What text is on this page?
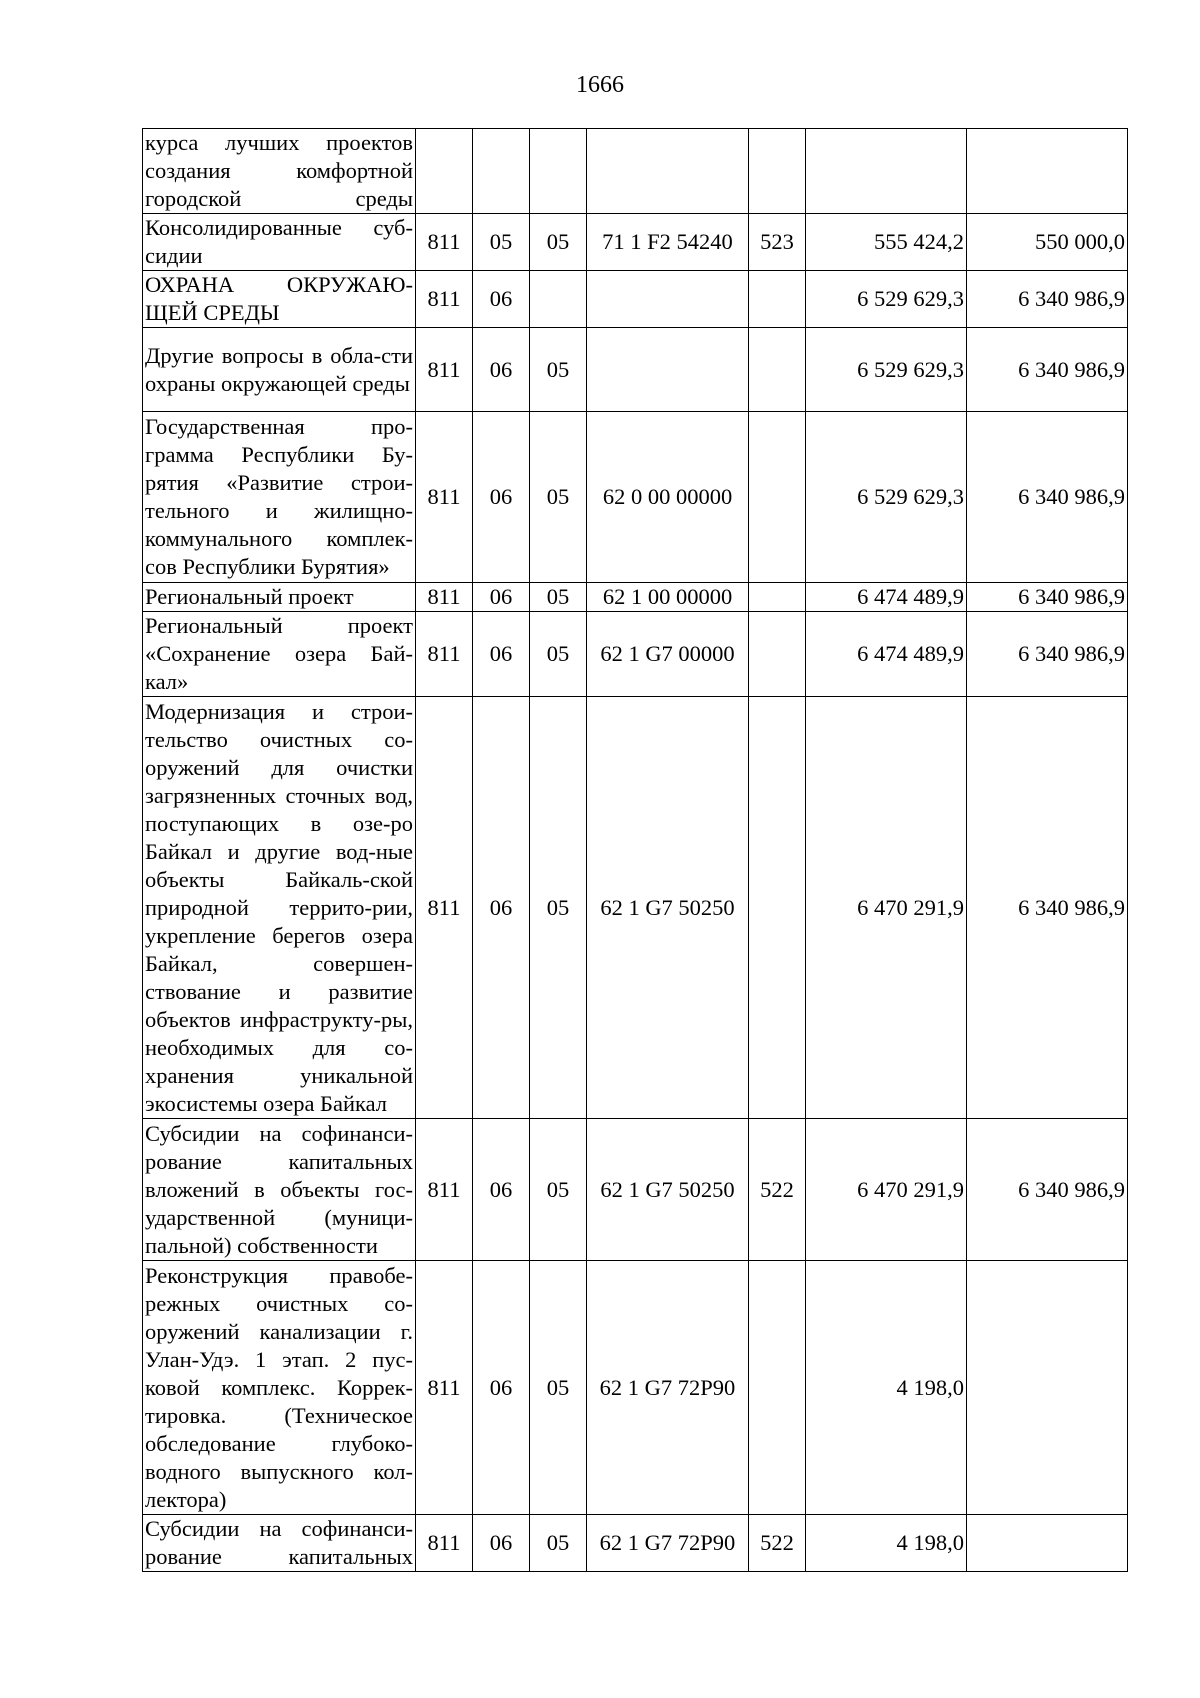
1666
курса лучших проектов создания комфортной городской среды							
Консолидированные суб-сидии	811	05	05	71 1 F2 54240	523	555 424,2	550 000,0
ОХРАНА ОКРУЖАЮ-ЩЕЙ СРЕДЫ	811	06				6 529 629,3	6 340 986,9
Другие вопросы в обла-сти охраны окружающей среды	811	06	05			6 529 629,3	6 340 986,9
Государственная про-грамма Республики Бу-рятия «Развитие строи-тельного и жилищно-коммунального комплек-сов Республики Бурятия»	811	06	05	62 0 00 00000		6 529 629,3	6 340 986,9
Региональный проект	811	06	05	62 1 00 00000		6 474 489,9	6 340 986,9
Региональный проект «Сохранение озера Бай-кал»	811	06	05	62 1 G7 00000		6 474 489,9	6 340 986,9
Модернизация и строи-тельство очистных со-оружений для очистки загрязненных сточных вод, поступающих в озе-ро Байкал и другие вод-ные объекты Байкаль-ской природной террито-рии, укрепление берегов озера Байкал, совершен-ствование и развитие объектов инфраструкту-ры, необходимых для со-хранения уникальной экосистемы озера Байкал	811	06	05	62 1 G7 50250		6 470 291,9	6 340 986,9
Субсидии на софинанси-рование капитальных вложений в объекты гос-ударственной (муници-пальной) собственности	811	06	05	62 1 G7 50250	522	6 470 291,9	6 340 986,9
Реконструкция правобе-режных очистных со-оружений канализации г. Улан-Удэ. 1 этап. 2 пус-ковой комплекс. Коррек-тировка. (Техническое обследование глубоко-водного выпускного кол-лектора)	811	06	05	62 1 G7 72P90		4 198,0	
Субсидии на софинанси-рование капитальных	811	06	05	62 1 G7 72P90	522	4 198,0	
